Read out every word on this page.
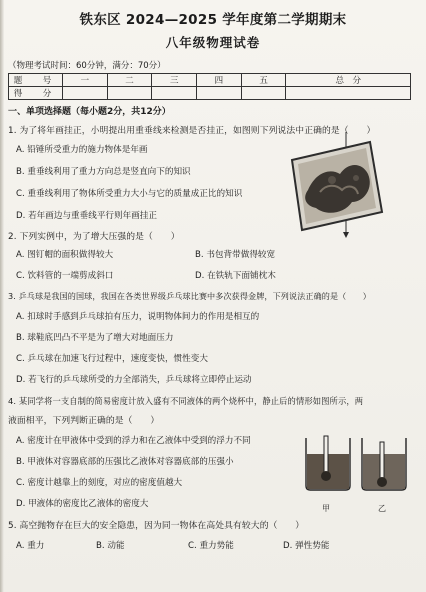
铁东区 2024—2025 学年度第二学期期末
八年级物理试卷
（物理考试时间：60分钟，满分：70分）
题　号	一	二	三	四	五	总　分
得　分						
一、单项选择题（每小题2分，共12分）
1. 为了将年画挂正，小明提出用重垂线来检测是否挂正，如图则下列说法中正确的是（　　）
A. 铅锤所受重力的施力物体是年画
B. 重垂线利用了重力方向总是竖直向下的知识
C. 重垂线利用了物体所受重力大小与它的质量成正比的知识
D. 若年画边与重垂线平行则年画挂正
2. 下列实例中，为了增大压强的是（　　）
A. 图钉帽的面积做得较大	B. 书包背带做得较宽
C. 饮料管的一端剪成斜口	D. 在铁轨下面铺枕木
3. 乒乓球是我国的国球，我国在各类世界级乒乓球比赛中多次获得金牌，下列说法正确的是（　　）
A. 扣球时手感到乒乓球拍有压力，说明物体间力的作用是相互的
B. 球鞋底凹凸不平是为了增大对地面压力
C. 乒乓球在加速飞行过程中，速度变快，惯性变大
D. 若飞行的乒乓球所受的力全部消失，乒乓球将立即停止运动
4. 某同学将一支自制的简易密度计放入盛有不同液体的两个烧杯中，静止后的情形如图所示，两
液面相平，下列判断正确的是（　　）
A. 密度计在甲液体中受到的浮力和在乙液体中受到的浮力不同
B. 甲液体对容器底部的压强比乙液体对容器底部的压强小
C. 密度计越靠上的刻度，对应的密度值越大
D. 甲液体的密度比乙液体的密度大	甲	乙
5. 高空抛物存在巨大的安全隐患，因为同一物体在高处具有较大的（　　）
A. 重力	B. 动能	C. 重力势能	D. 弹性势能
